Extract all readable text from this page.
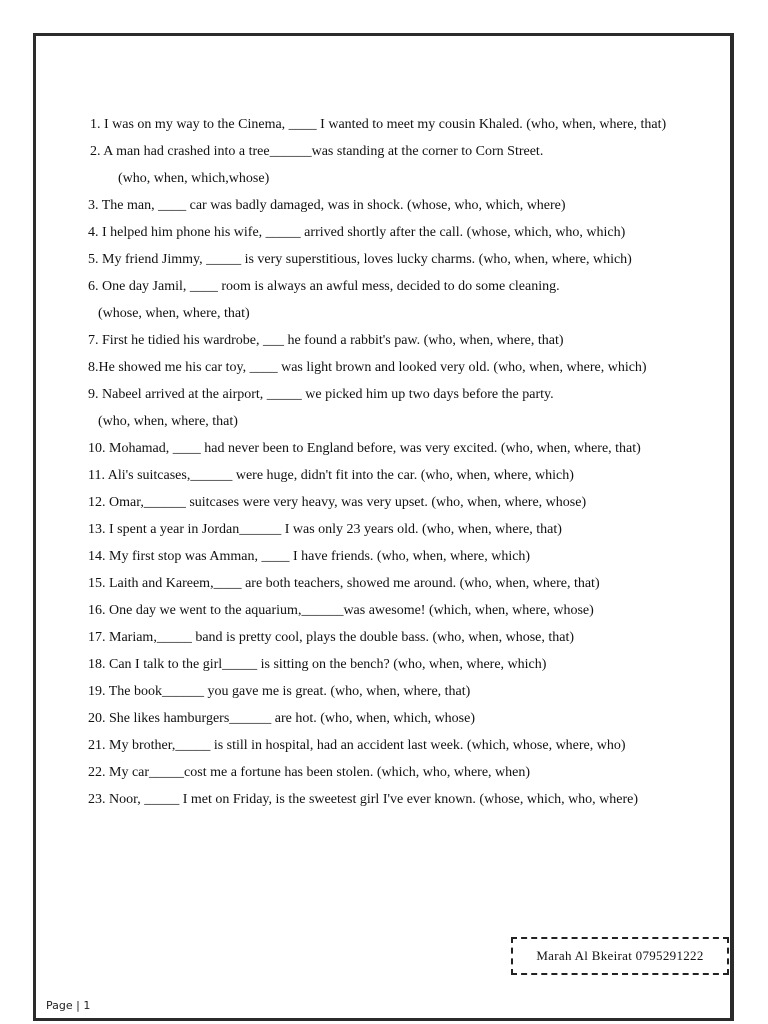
1. I was on my way to the Cinema, ____ I wanted to meet my cousin Khaled. (who, when, where, that)
2. A man had crashed into a tree______was standing at the corner to Corn Street.
(who, when, which,whose)
3. The man, ____ car was badly damaged, was in shock. (whose, who, which, where)
4. I helped him phone his wife, _____ arrived shortly after the call. (whose, which, who, which)
5. My friend Jimmy, _____ is very superstitious, loves lucky charms. (who, when, where, which)
6. One day Jamil, ____ room is always an awful mess, decided to do some cleaning.
(whose, when, where, that)
7. First he tidied his wardrobe, ___ he found a rabbit's paw. (who, when, where, that)
8.He showed me his car toy, ____ was light brown and looked very old. (who, when, where, which)
9. Nabeel arrived at the airport, _____ we picked him up two days before the party.
(who, when, where, that)
10. Mohamad, ____ had never been to England before, was very excited. (who, when, where, that)
11. Ali's suitcases,______ were huge, didn't fit into the car. (who, when, where, which)
12. Omar,______ suitcases were very heavy, was very upset. (who, when, where, whose)
13. I spent a year in Jordan______ I was only 23 years old. (who, when, where, that)
14. My first stop was Amman, ____ I have friends. (who, when, where, which)
15. Laith and Kareem,____ are both teachers, showed me around. (who, when, where, that)
16. One day we went to the aquarium,______was awesome! (which, when, where, whose)
17. Mariam,_____ band is pretty cool, plays the double bass. (who, when, whose, that)
18. Can I talk to the girl_____ is sitting on the bench? (who, when, where, which)
19. The book______ you gave me is great. (who, when, where, that)
20. She likes hamburgers______ are hot. (who, when, which, whose)
21. My brother,_____ is still in hospital, had an accident last week. (which, whose, where, who)
22. My car_____cost me a fortune has been stolen. (which, who, where, when)
23. Noor, _____ I met on Friday, is the sweetest girl I've ever known. (whose, which, who, where)
Marah Al Bkeirat 0795291222
Page | 1
